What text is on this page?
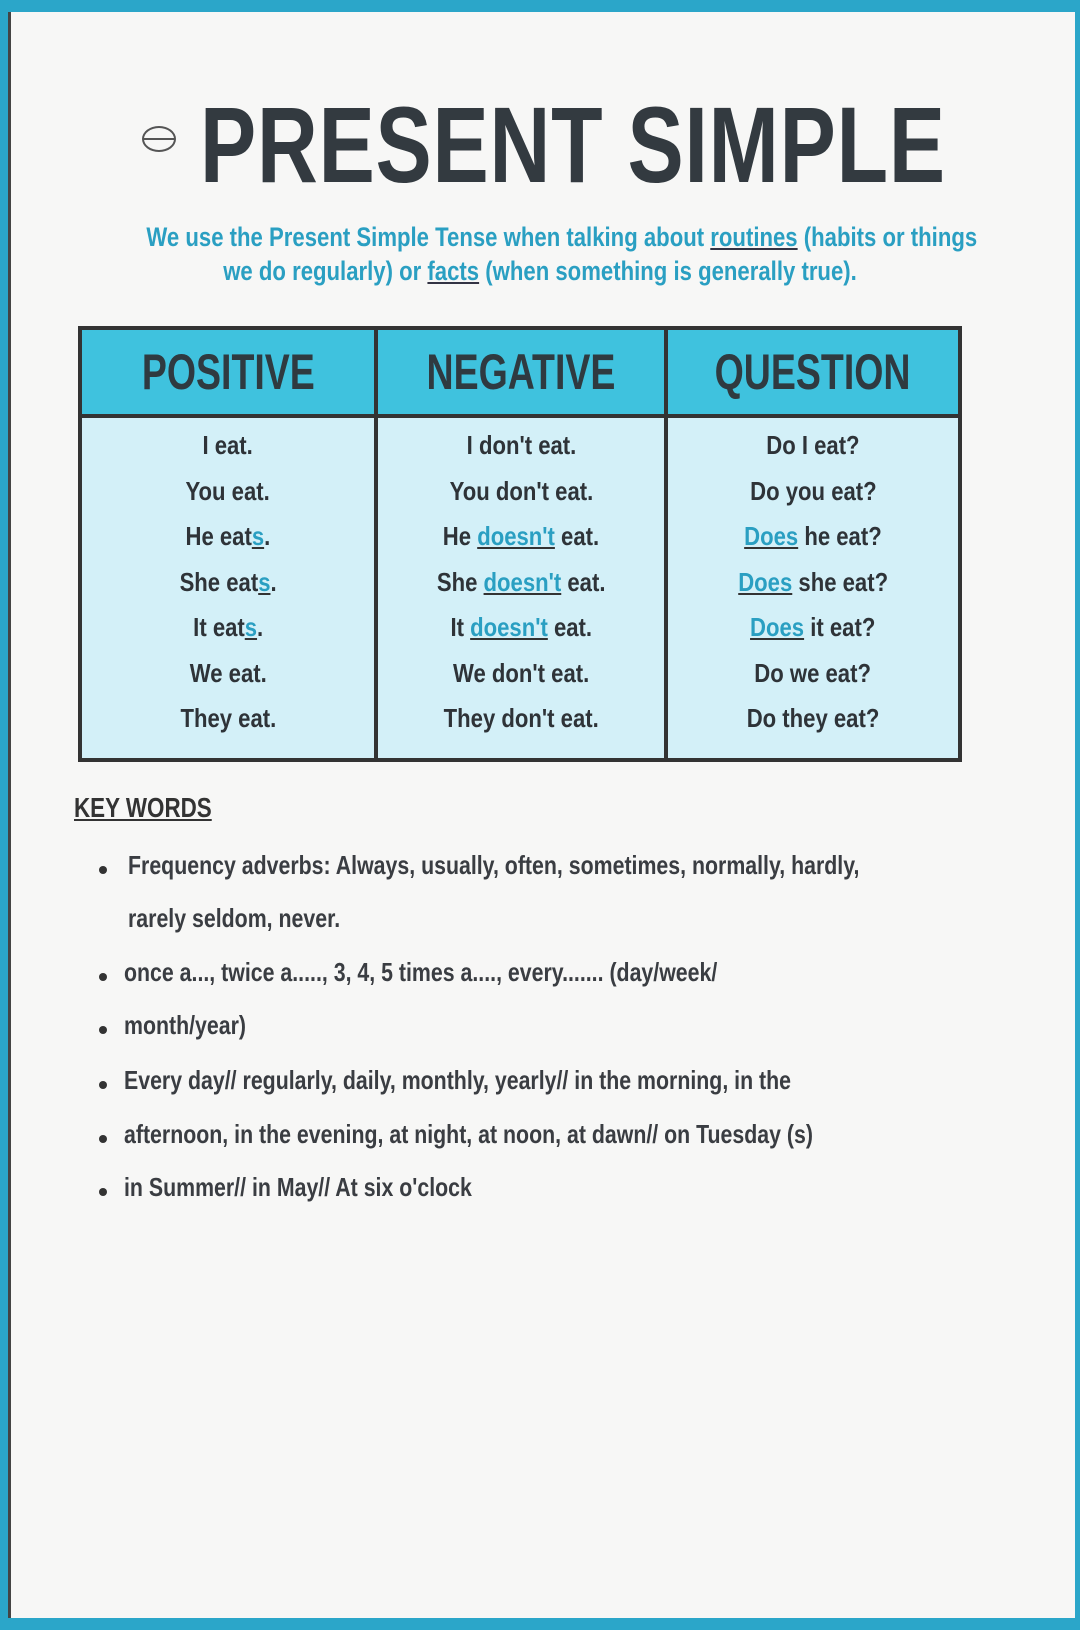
PRESENT SIMPLE
We use the Present Simple Tense when talking about routines (habits or things
we do regularly) or facts (when something is generally true).
POSITIVE
I eat.
You eat.
He eats.
She eats.
It eats.
We eat.
They eat.
NEGATIVE
I don't eat.
You don't eat.
He doesn't eat.
She doesn't eat.
It doesn't eat.
We don't eat.
They don't eat.
QUESTION
Do I eat?
Do you eat?
Does he eat?
Does she eat?
Does it eat?
Do we eat?
Do they eat?
KEY WORDS
Frequency adverbs: Always, usually, often, sometimes, normally, hardly,
rarely seldom, never.
once a..., twice a....., 3, 4, 5 times a...., every....... (day/week/
month/year)
Every day// regularly, daily, monthly, yearly// in the morning, in the
afternoon, in the evening, at night, at noon, at dawn// on Tuesday (s)
in Summer// in May// At six o'clock
